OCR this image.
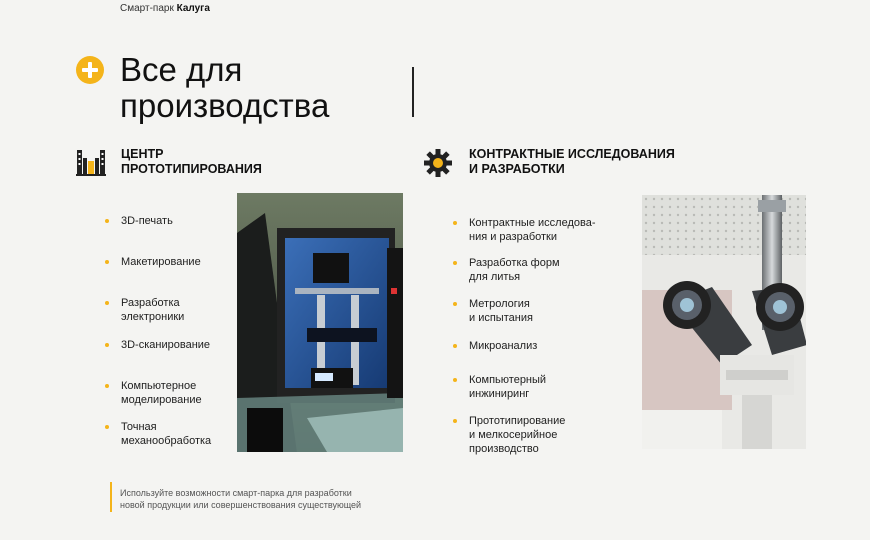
Смарт-парк Калуга
Все для
производства
ЦЕНТР
ПРОТОТИПИРОВАНИЯ
КОНТРАКТНЫЕ ИССЛЕДОВАНИЯ
И РАЗРАБОТКИ
3D-печать
Макетирование
Разработка
электроники
3D-сканирование
Компьютерное
моделирование
Точная
механообработка
Контрактные исследова-
ния и разработки
Разработка форм
для литья
Метрология
и испытания
Микроанализ
Компьютерный
инжиниринг
Прототипирование
и мелкосерийное
производство

Используйте возможности смарт-парка для разработки
новой продукции или совершенствования существующей
